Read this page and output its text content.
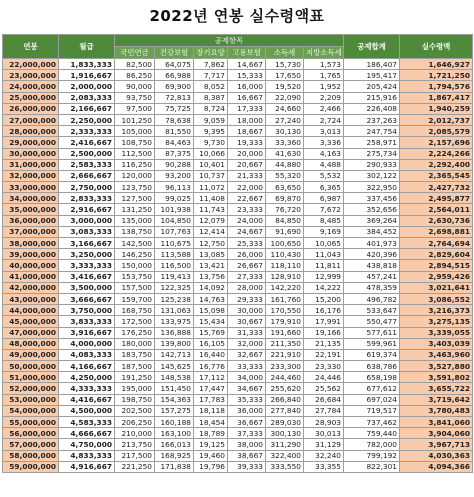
2022년 연봉 실수령액표
연봉	월급	공제항목						공제합계	실수령액
		국민연금	건강보험	장기요양	고용보험	소득세	지방소득세		
22,000,000	1,833,333	82,500	64,075	7,862	14,667	15,730	1,573	186,407	1,646,927
23,000,000	1,916,667	86,250	66,988	7,717	15,333	17,650	1,765	195,417	1,721,250
24,000,000	2,000,000	90,000	69,900	8,052	16,000	19,520	1,952	205,424	1,794,576
25,000,000	2,083,333	93,750	72,813	8,387	16,667	22,090	2,209	215,916	1,867,417
26,000,000	2,166,667	97,500	75,725	8,724	17,333	24,660	2,466	226,408	1,940,259
27,000,000	2,250,000	101,250	78,638	9,059	18,000	27,240	2,724	237,263	2,012,737
28,000,000	2,333,333	105,000	81,550	9,395	18,667	30,130	3,013	247,754	2,085,579
29,000,000	2,416,667	108,750	84,463	9,730	19,333	33,360	3,336	258,971	2,157,696
30,000,000	2,500,000	112,500	87,375	10,066	20,000	41,630	4,163	275,734	2,224,266
31,000,000	2,583,333	116,250	90,288	10,401	20,667	44,880	4,488	290,933	2,292,400
32,000,000	2,666,667	120,000	93,200	10,737	21,333	55,320	5,532	302,122	2,365,545
33,000,000	2,750,000	123,750	96,113	11,072	22,000	63,650	6,365	322,950	2,427,732
34,000,000	2,833,333	127,500	99,025	11,408	22,667	69,870	6,987	337,456	2,495,877
35,000,000	2,916,667	131,250	101,938	11,743	23,333	76,720	7,672	352,656	2,564,011
36,000,000	3,000,000	135,000	104,850	12,079	24,000	84,850	8,485	369,264	2,630,736
37,000,000	3,083,333	138,750	107,763	12,414	24,667	91,690	9,169	384,452	2,698,881
38,000,000	3,166,667	142,500	110,675	12,750	25,333	100,650	10,065	401,973	2,764,694
39,000,000	3,250,000	146,250	113,588	13,085	26,000	110,430	11,043	420,396	2,829,604
40,000,000	3,333,333	150,000	116,500	13,421	26,667	118,110	11,811	438,818	2,894,515
41,000,000	3,416,667	153,750	119,413	13,756	27,333	128,910	12,999	457,241	2,959,426
42,000,000	3,500,000	157,500	122,325	14,092	28,000	142,220	14,222	478,359	3,021,641
43,000,000	3,666,667	159,700	125,238	14,763	29,333	161,760	15,200	496,782	3,086,552
44,000,000	3,750,000	168,750	131,063	15,098	30,000	170,550	16,176	533,647	3,216,373
45,000,000	3,833,333	172,500	133,975	15,434	30,667	179,910	17,991	550,477	3,275,135
47,000,000	3,916,667	176,250	136,888	15,769	31,333	191,660	19,166	577,611	3,339,055
48,000,000	4,000,000	180,000	139,800	16,105	32,000	211,350	21,135	599,961	3,403,039
49,000,000	4,083,333	183,750	142,713	16,440	32,667	221,910	22,191	619,374	3,463,960
50,000,000	4,166,667	187,500	145,625	16,776	33,333	233,300	23,330	638,786	3,527,880
51,000,000	4,250,000	191,250	148,538	17,112	34,000	244,460	24,446	658,198	3,591,802
52,000,000	4,333,333	195,000	151,450	17,447	34,667	255,620	25,562	677,612	3,655,722
53,000,000	4,416,667	198,750	154,363	17,783	35,333	266,840	26,684	697,024	3,719,642
54,000,000	4,500,000	202,500	157,275	18,118	36,000	277,840	27,784	719,517	3,780,483
55,000,000	4,583,333	206,250	160,188	18,454	36,667	289,030	28,903	737,462	3,841,060
56,000,000	4,666,667	210,000	163,100	18,789	37,333	300,130	30,013	759,440	3,904,060
57,000,000	4,750,000	213,750	166,013	19,125	38,000	311,290	31,129	782,000	3,967,713
58,000,000	4,833,333	217,500	168,925	19,460	38,667	322,400	32,240	799,192	4,030,363
59,000,000	4,916,667	221,250	171,838	19,796	39,333	333,550	33,355	822,301	4,094,366
